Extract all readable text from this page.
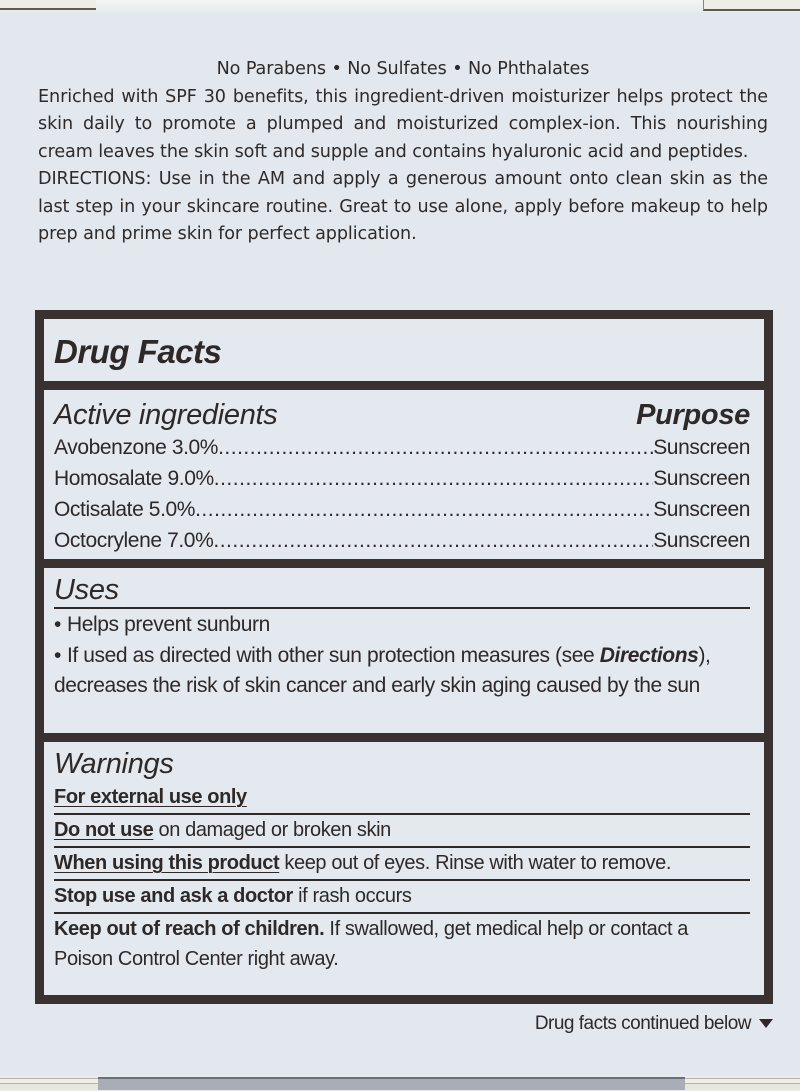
No Parabens • No Sulfates • No Phthalates

Enriched with SPF 30 benefits, this ingredient-driven moisturizer helps protect the skin daily to promote a plumped and moisturized complex-ion. This nourishing cream leaves the skin soft and supple and contains hyaluronic acid and peptides.

DIRECTIONS: Use in the AM and apply a generous amount onto clean skin as the last step in your skincare routine. Great to use alone, apply before makeup to help prep and prime skin for perfect application.

Drug Facts
Active ingredients	Purpose
Avobenzone 3.0% .....	Sunscreen
Homosalate 9.0% .....	Sunscreen
Octisalate 5.0% .....	Sunscreen
Octocrylene 7.0% .....	Sunscreen
Uses
• Helps prevent sunburn
• If used as directed with other sun protection measures (see Directions), decreases the risk of skin cancer and early skin aging caused by the sun
Warnings
For external use only
Do not use on damaged or broken skin
When using this product keep out of eyes. Rinse with water to remove.
Stop use and ask a doctor if rash occurs
Keep out of reach of children. If swallowed, get medical help or contact a Poison Control Center right away.
Drug facts continued below
